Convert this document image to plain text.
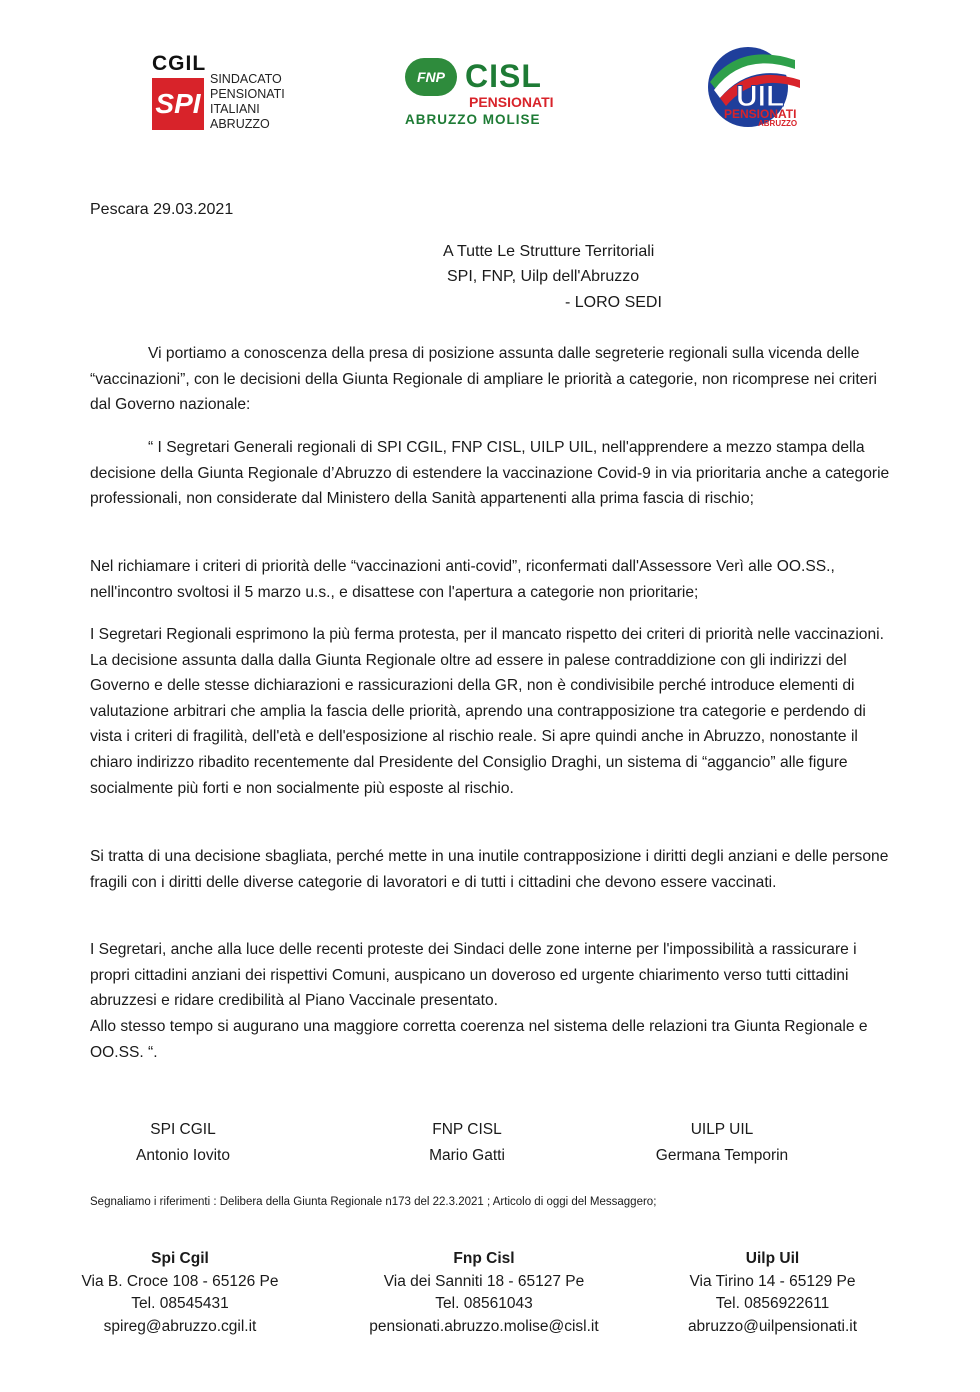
CGIL
SPI
SINDACATO
PENSIONATI
ITALIANI
ABRUZZO
FNP CISL
PENSIONATI
ABRUZZO MOLISE
UIL
PENSIONATI
ABRUZZO
Pescara 29.03.2021
A Tutte Le Strutture Territoriali
SPI, FNP, Uilp dell'Abruzzo
- LORO SEDI

Vi portiamo a conoscenza della presa di posizione assunta dalle segreterie regionali sulla vicenda delle “vaccinazioni”, con le decisioni della Giunta Regionale di ampliare le priorità a categorie, non ricomprese nei criteri dal Governo nazionale:

“ I Segretari Generali regionali di SPI CGIL, FNP CISL, UILP UIL, nell'apprendere a mezzo stampa della decisione della Giunta Regionale d’Abruzzo di estendere la vaccinazione Covid-9 in via prioritaria anche a categorie professionali, non considerate dal Ministero della Sanità appartenenti alla prima fascia di rischio;

Nel richiamare i criteri di priorità delle “vaccinazioni anti-covid”, riconfermati dall'Assessore Verì alle OO.SS., nell'incontro svoltosi il 5 marzo u.s., e disattese con l'apertura a categorie non prioritarie;

I Segretari Regionali esprimono la più ferma protesta, per il mancato rispetto dei criteri di priorità nelle vaccinazioni. La decisione assunta dalla dalla Giunta Regionale oltre ad essere in palese contraddizione con gli indirizzi del Governo e delle stesse dichiarazioni e rassicurazioni della GR, non è condivisibile perché introduce elementi di valutazione arbitrari che amplia la fascia delle priorità, aprendo una contrapposizione tra categorie e perdendo di vista i criteri di fragilità, dell'età e dell'esposizione al rischio reale. Si apre quindi anche in Abruzzo, nonostante il chiaro indirizzo ribadito recentemente dal Presidente del Consiglio Draghi, un sistema di “aggancio” alle figure socialmente più forti e non socialmente più esposte al rischio.

Si tratta di una decisione sbagliata, perché mette in una inutile contrapposizione i diritti degli anziani e delle persone fragili con i diritti delle diverse categorie di lavoratori e di tutti i cittadini che devono essere vaccinati.

I Segretari, anche alla luce delle recenti proteste dei Sindaci delle zone interne per l'impossibilità a rassicurare i propri cittadini anziani dei rispettivi Comuni, auspicano un doveroso ed urgente chiarimento verso tutti cittadini abruzzesi e ridare credibilità al Piano Vaccinale presentato.

Allo stesso tempo si augurano una maggiore corretta coerenza nel sistema delle relazioni tra Giunta Regionale e OO.SS. “.

SPI CGIL
Antonio Iovito
FNP CISL
Mario Gatti
UILP UIL
Germana Temporin
Segnaliamo i riferimenti : Delibera della Giunta Regionale n173 del 22.3.2021 ; Articolo di oggi del Messaggero;
Spi Cgil
Via B. Croce 108 - 65126 Pe
Tel. 08545431
spireg@abruzzo.cgil.it
Fnp Cisl
Via dei Sanniti 18 - 65127 Pe
Tel. 08561043
pensionati.abruzzo.molise@cisl.it
Uilp Uil
Via Tirino 14 - 65129 Pe
Tel. 0856922611
abruzzo@uilpensionati.it
